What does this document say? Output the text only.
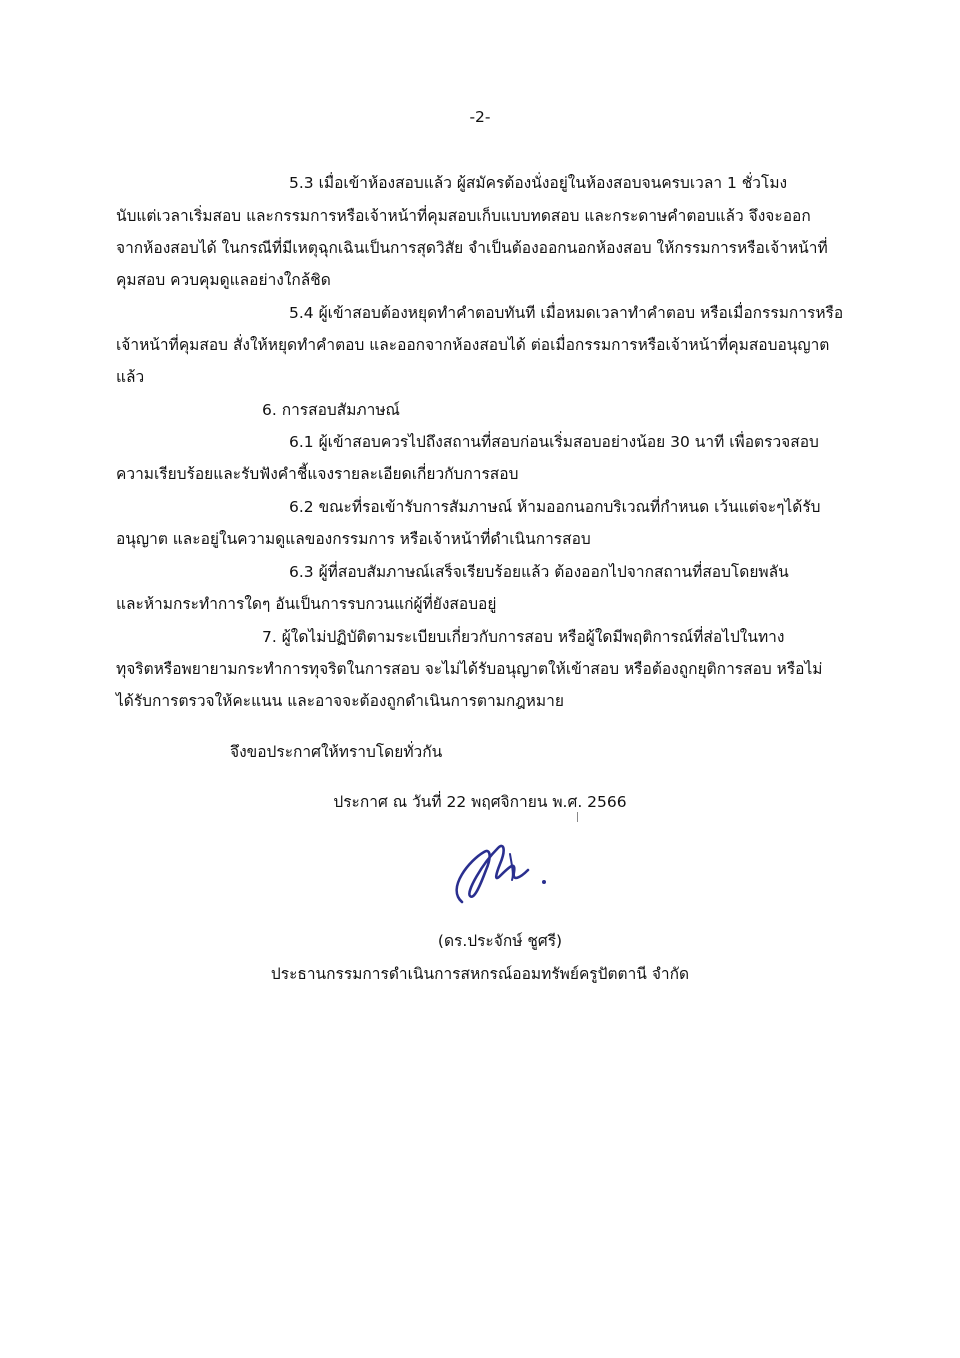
-2-
5.3 เมื่อเข้าห้องสอบแล้ว ผู้สมัครต้องนั่งอยู่ในห้องสอบจนครบเวลา 1 ชั่วโมง
นับแต่เวลาเริ่มสอบ และกรรมการหรือเจ้าหน้าที่คุมสอบเก็บแบบทดสอบ และกระดาษคำตอบแล้ว จึงจะออก
จากห้องสอบได้ ในกรณีที่มีเหตุฉุกเฉินเป็นการสุดวิสัย จำเป็นต้องออกนอกห้องสอบ ให้กรรมการหรือเจ้าหน้าที่
คุมสอบ ควบคุมดูแลอย่างใกล้ชิด
5.4 ผู้เข้าสอบต้องหยุดทำคำตอบทันที เมื่อหมดเวลาทำคำตอบ หรือเมื่อกรรมการหรือ
เจ้าหน้าที่คุมสอบ สั่งให้หยุดทำคำตอบ และออกจากห้องสอบได้ ต่อเมื่อกรรมการหรือเจ้าหน้าที่คุมสอบอนุญาต
แล้ว
6. การสอบสัมภาษณ์
6.1 ผู้เข้าสอบควรไปถึงสถานที่สอบก่อนเริ่มสอบอย่างน้อย 30 นาที เพื่อตรวจสอบ
ความเรียบร้อยและรับฟังคำชี้แจงรายละเอียดเกี่ยวกับการสอบ
6.2 ขณะที่รอเข้ารับการสัมภาษณ์ ห้ามออกนอกบริเวณที่กำหนด เว้นแต่จะๆได้รับ
อนุญาต และอยู่ในความดูแลของกรรมการ หรือเจ้าหน้าที่ดำเนินการสอบ
6.3 ผู้ที่สอบสัมภาษณ์เสร็จเรียบร้อยแล้ว ต้องออกไปจากสถานที่สอบโดยพลัน
และห้ามกระทำการใดๆ อันเป็นการรบกวนแก่ผู้ที่ยังสอบอยู่
7. ผู้ใดไม่ปฏิบัติตามระเบียบเกี่ยวกับการสอบ หรือผู้ใดมีพฤติการณ์ที่ส่อไปในทาง
ทุจริตหรือพยายามกระทำการทุจริตในการสอบ จะไม่ได้รับอนุญาตให้เข้าสอบ หรือต้องถูกยุติการสอบ หรือไม่
ได้รับการตรวจให้คะแนน และอาจจะต้องถูกดำเนินการตามกฎหมาย
จึงขอประกาศให้ทราบโดยทั่วกัน
ประกาศ ณ วันที่ 22 พฤศจิกายน พ.ศ. 2566
(ดร.ประจักษ์ ชูศรี)
ประธานกรรมการดำเนินการสหกรณ์ออมทรัพย์ครูปัตตานี จำกัด
